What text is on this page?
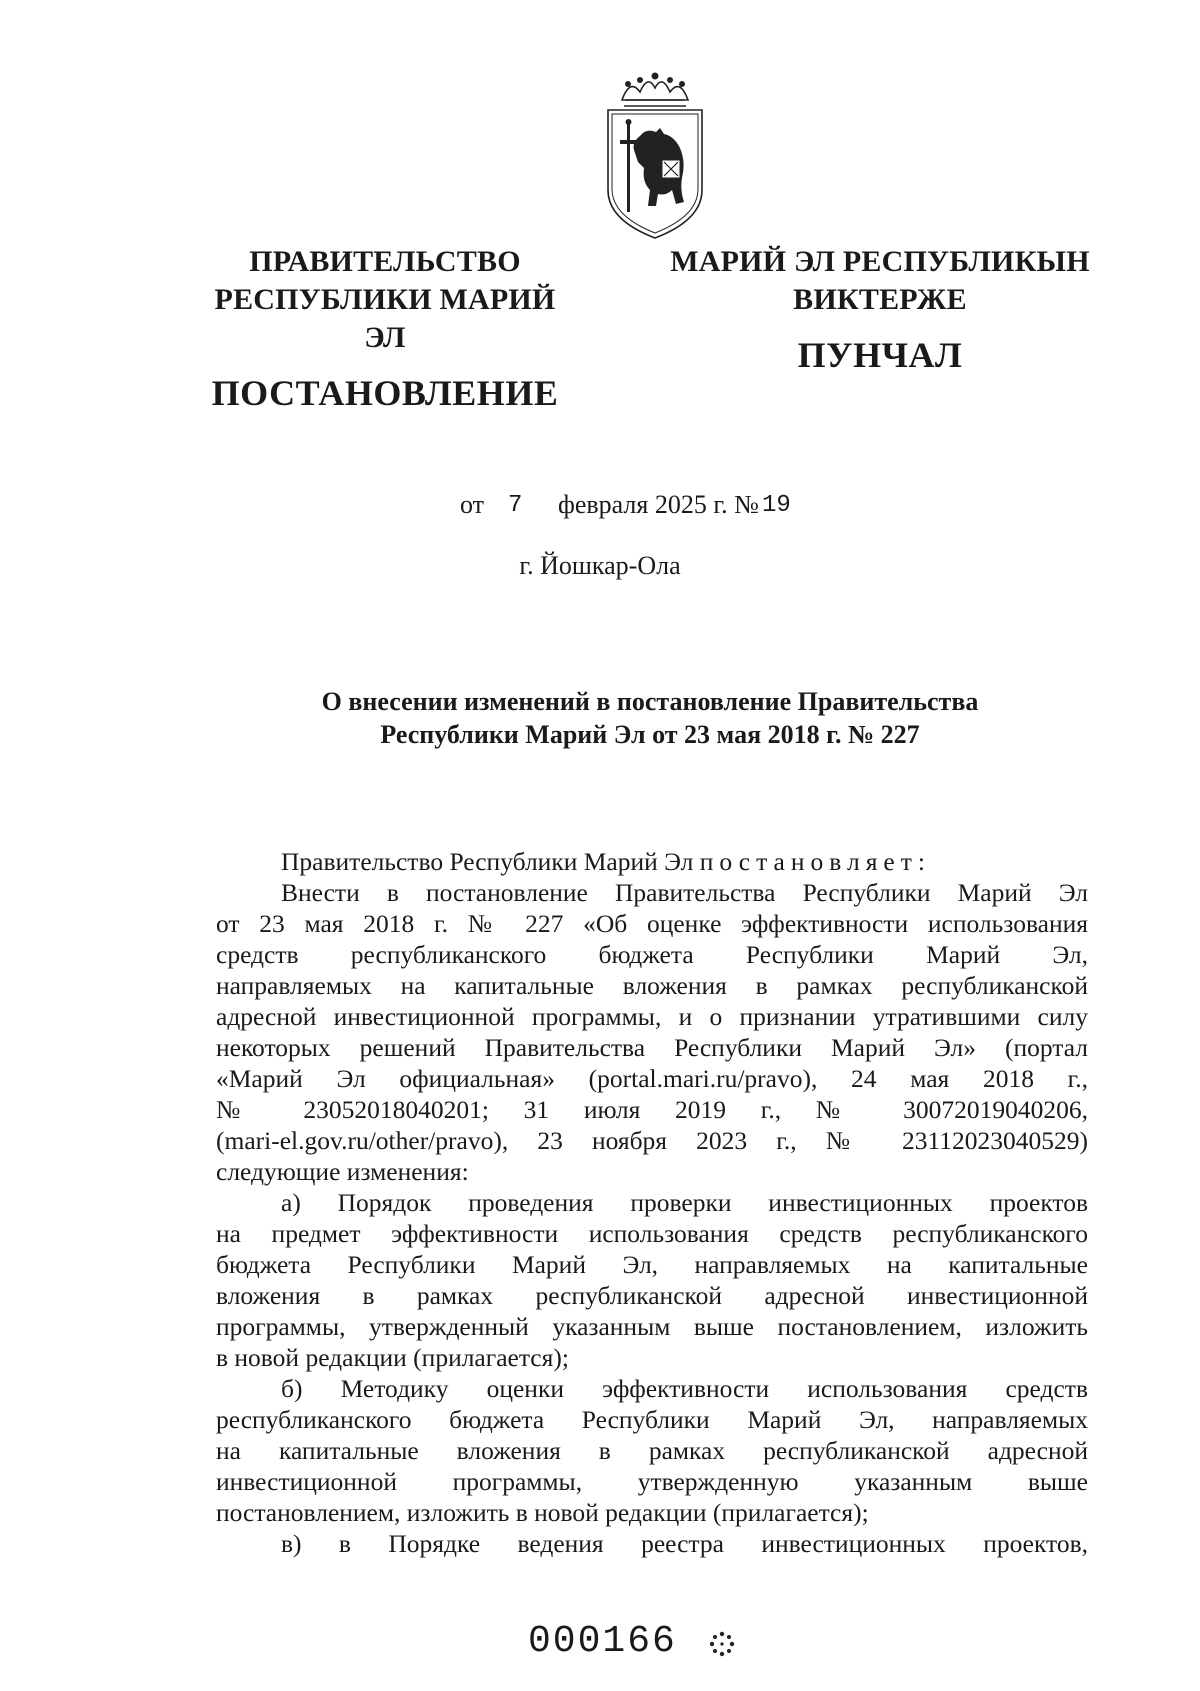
ПРАВИТЕЛЬСТВО
РЕСПУБЛИКИ МАРИЙ ЭЛ
ПОСТАНОВЛЕНИЕ
МАРИЙ ЭЛ РЕСПУБЛИКЫН
ВИКТЕРЖЕ
ПУНЧАЛ
от 7 февраля 2025 г. № 19
г. Йошкар-Ола
О внесении изменений в постановление Правительства
Республики Марий Эл от 23 мая 2018 г. № 227

Правительство Республики Марий Эл постановляет:

Внести в постановление Правительства Республики Марий Эл

от 23 мая 2018 г. № 227 «Об оценке эффективности использования

средств республиканского бюджета Республики Марий Эл,

направляемых на капитальные вложения в рамках республиканской

адресной инвестиционной программы, и о признании утратившими силу

некоторых решений Правительства Республики Марий Эл» (портал

«Марий Эл официальная» (portal.mari.ru/pravo), 24 мая 2018 г.,

№ 23052018040201; 31 июля 2019 г., № 30072019040206,

(mari-el.gov.ru/other/pravo), 23 ноября 2023 г., № 23112023040529)

следующие изменения:

а) Порядок проведения проверки инвестиционных проектов

на предмет эффективности использования средств республиканского

бюджета Республики Марий Эл, направляемых на капитальные

вложения в рамках республиканской адресной инвестиционной

программы, утвержденный указанным выше постановлением, изложить

в новой редакции (прилагается);

б) Методику оценки эффективности использования средств

республиканского бюджета Республики Марий Эл, направляемых

на капитальные вложения в рамках республиканской адресной

инвестиционной программы, утвержденную указанным выше

постановлением, изложить в новой редакции (прилагается);

в) в Порядке ведения реестра инвестиционных проектов,

000166
